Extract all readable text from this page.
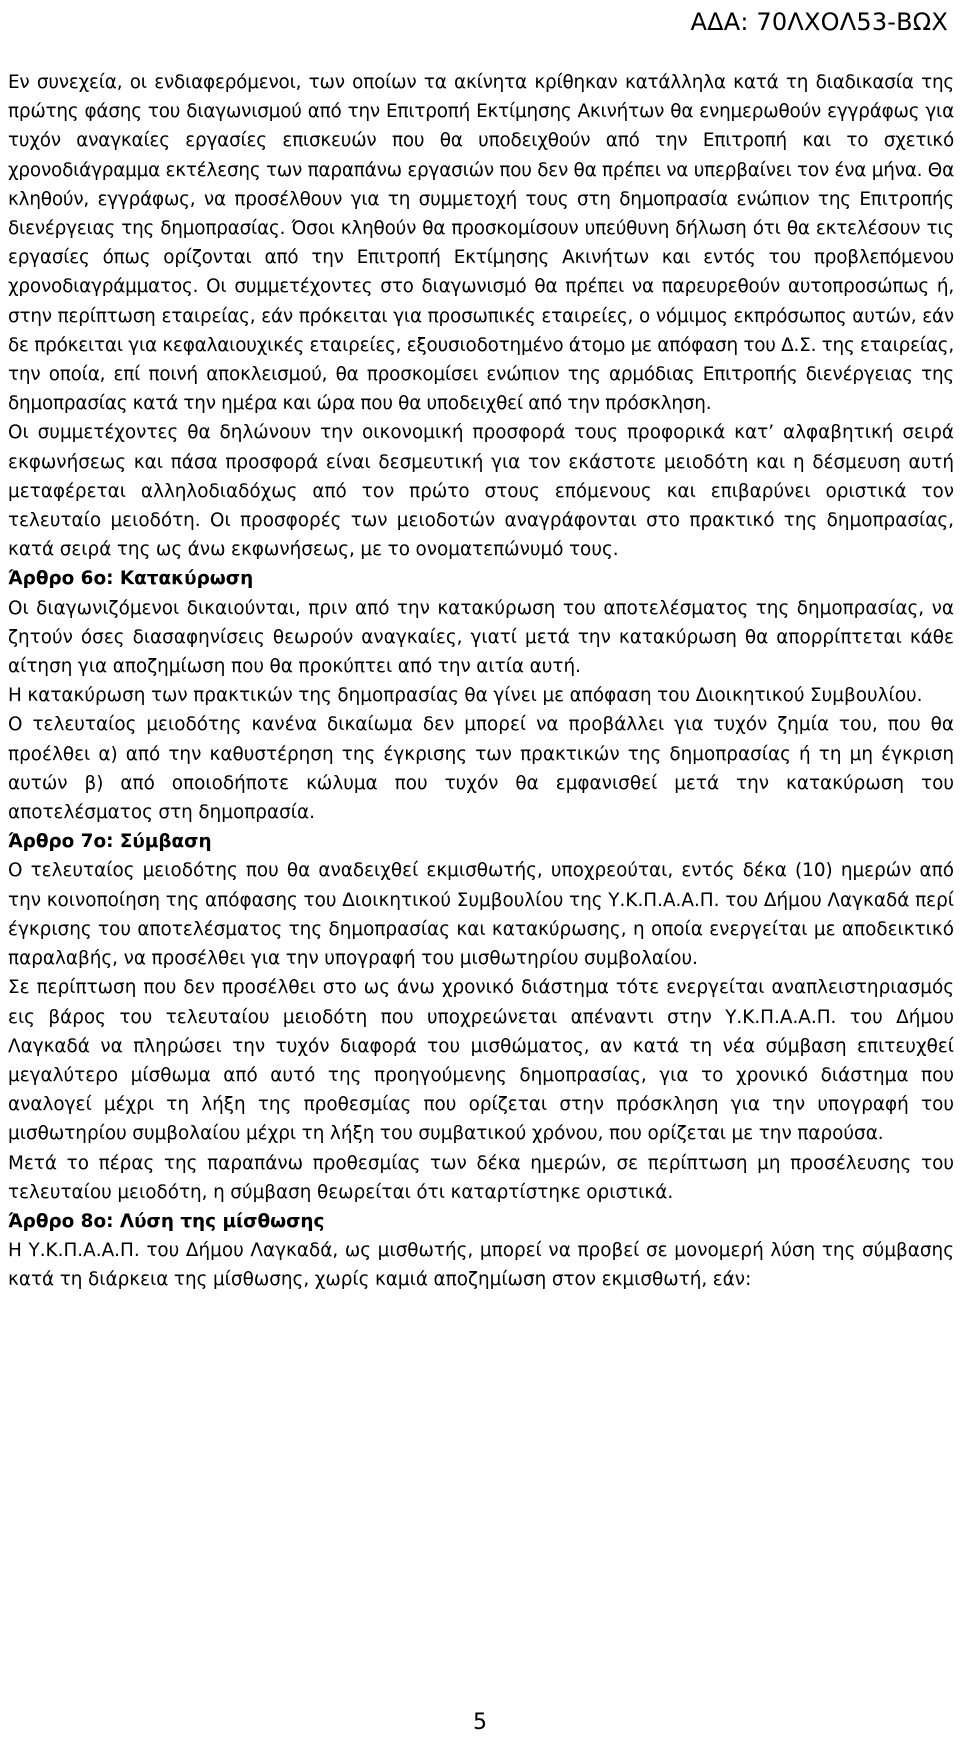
ΑΔΑ: 70ΛΧΟΛ53-ΒΩΧ

Εν συνεχεία, οι ενδιαφερόμενοι, των οποίων τα ακίνητα κρίθηκαν κατάλληλα κατά τη διαδικασία της πρώτης φάσης του διαγωνισμού από την Επιτροπή Εκτίμησης Ακινήτων θα ενημερωθούν εγγράφως για τυχόν αναγκαίες εργασίες επισκευών που θα υποδειχθούν από την Επιτροπή και το σχετικό χρονοδιάγραμμα εκτέλεσης των παραπάνω εργασιών που δεν θα πρέπει να υπερβαίνει τον ένα μήνα. Θα κληθούν, εγγράφως, να προσέλθουν για τη συμμετοχή τους στη δημοπρασία ενώπιον της Επιτροπής διενέργειας της δημοπρασίας. Όσοι κληθούν θα προσκομίσουν υπεύθυνη δήλωση ότι θα εκτελέσουν τις εργασίες όπως ορίζονται από την Επιτροπή Εκτίμησης Ακινήτων και εντός του προβλεπόμενου χρονοδιαγράμματος. Οι συμμετέχοντες στο διαγωνισμό θα πρέπει να παρευρεθούν αυτοπροσώπως ή, στην περίπτωση εταιρείας, εάν πρόκειται για προσωπικές εταιρείες, ο νόμιμος εκπρόσωπος αυτών, εάν δε πρόκειται για κεφαλαιουχικές εταιρείες, εξουσιοδοτημένο άτομο με απόφαση του Δ.Σ. της εταιρείας, την οποία, επί ποινή αποκλεισμού, θα προσκομίσει ενώπιον της αρμόδιας Επιτροπής διενέργειας της δημοπρασίας κατά την ημέρα και ώρα που θα υποδειχθεί από την πρόσκληση.

Οι συμμετέχοντες θα δηλώνουν την οικονομική προσφορά τους προφορικά κατ’ αλφαβητική σειρά εκφωνήσεως και πάσα προσφορά είναι δεσμευτική για τον εκάστοτε μειοδότη και η δέσμευση αυτή μεταφέρεται αλληλοδιαδόχως από τον πρώτο στους επόμενους και επιβαρύνει οριστικά τον τελευταίο μειοδότη. Οι προσφορές των μειοδοτών αναγράφονται στο πρακτικό της δημοπρασίας, κατά σειρά της ως άνω εκφωνήσεως, με το ονοματεπώνυμό τους.

Άρθρο 6ο: Κατακύρωση

Οι διαγωνιζόμενοι δικαιούνται, πριν από την κατακύρωση του αποτελέσματος της δημοπρασίας, να ζητούν όσες διασαφηνίσεις θεωρούν αναγκαίες, γιατί μετά την κατακύρωση θα απορρίπτεται κάθε αίτηση για αποζημίωση που θα προκύπτει από την αιτία αυτή.

Η κατακύρωση των πρακτικών της δημοπρασίας θα γίνει με απόφαση του Διοικητικού Συμβουλίου.

Ο τελευταίος μειοδότης κανένα δικαίωμα δεν μπορεί να προβάλλει για τυχόν ζημία του, που θα προέλθει α) από την καθυστέρηση της έγκρισης των πρακτικών της δημοπρασίας ή τη μη έγκριση αυτών β) από οποιοδήποτε κώλυμα που τυχόν θα εμφανισθεί μετά την κατακύρωση του αποτελέσματος στη δημοπρασία.

Άρθρο 7ο: Σύμβαση

Ο τελευταίος μειοδότης που θα αναδειχθεί εκμισθωτής, υποχρεούται, εντός δέκα (10) ημερών από την κοινοποίηση της απόφασης του Διοικητικού Συμβουλίου της Υ.Κ.Π.Α.Α.Π. του Δήμου Λαγκαδά περί έγκρισης του αποτελέσματος της δημοπρασίας και κατακύρωσης, η οποία ενεργείται με αποδεικτικό παραλαβής, να προσέλθει για την υπογραφή του μισθωτηρίου συμβολαίου.

Σε περίπτωση που δεν προσέλθει στο ως άνω χρονικό διάστημα τότε ενεργείται αναπλειστηριασμός εις βάρος του τελευταίου μειοδότη που υποχρεώνεται απέναντι στην Υ.Κ.Π.Α.Α.Π. του Δήμου Λαγκαδά να πληρώσει την τυχόν διαφορά του μισθώματος, αν κατά τη νέα σύμβαση επιτευχθεί μεγαλύτερο μίσθωμα από αυτό της προηγούμενης δημοπρασίας, για το χρονικό διάστημα που αναλογεί μέχρι τη λήξη της προθεσμίας που ορίζεται στην πρόσκληση για την υπογραφή του μισθωτηρίου συμβολαίου μέχρι τη λήξη του συμβατικού χρόνου, που ορίζεται με την παρούσα.

Μετά το πέρας της παραπάνω προθεσμίας των δέκα ημερών, σε περίπτωση μη προσέλευσης του τελευταίου μειοδότη, η σύμβαση θεωρείται ότι καταρτίστηκε οριστικά.

Άρθρο 8ο: Λύση της μίσθωσης

Η Υ.Κ.Π.Α.Α.Π. του Δήμου Λαγκαδά, ως μισθωτής, μπορεί να προβεί σε μονομερή λύση της σύμβασης κατά τη διάρκεια της μίσθωσης, χωρίς καμιά αποζημίωση στον εκμισθωτή, εάν:

5
